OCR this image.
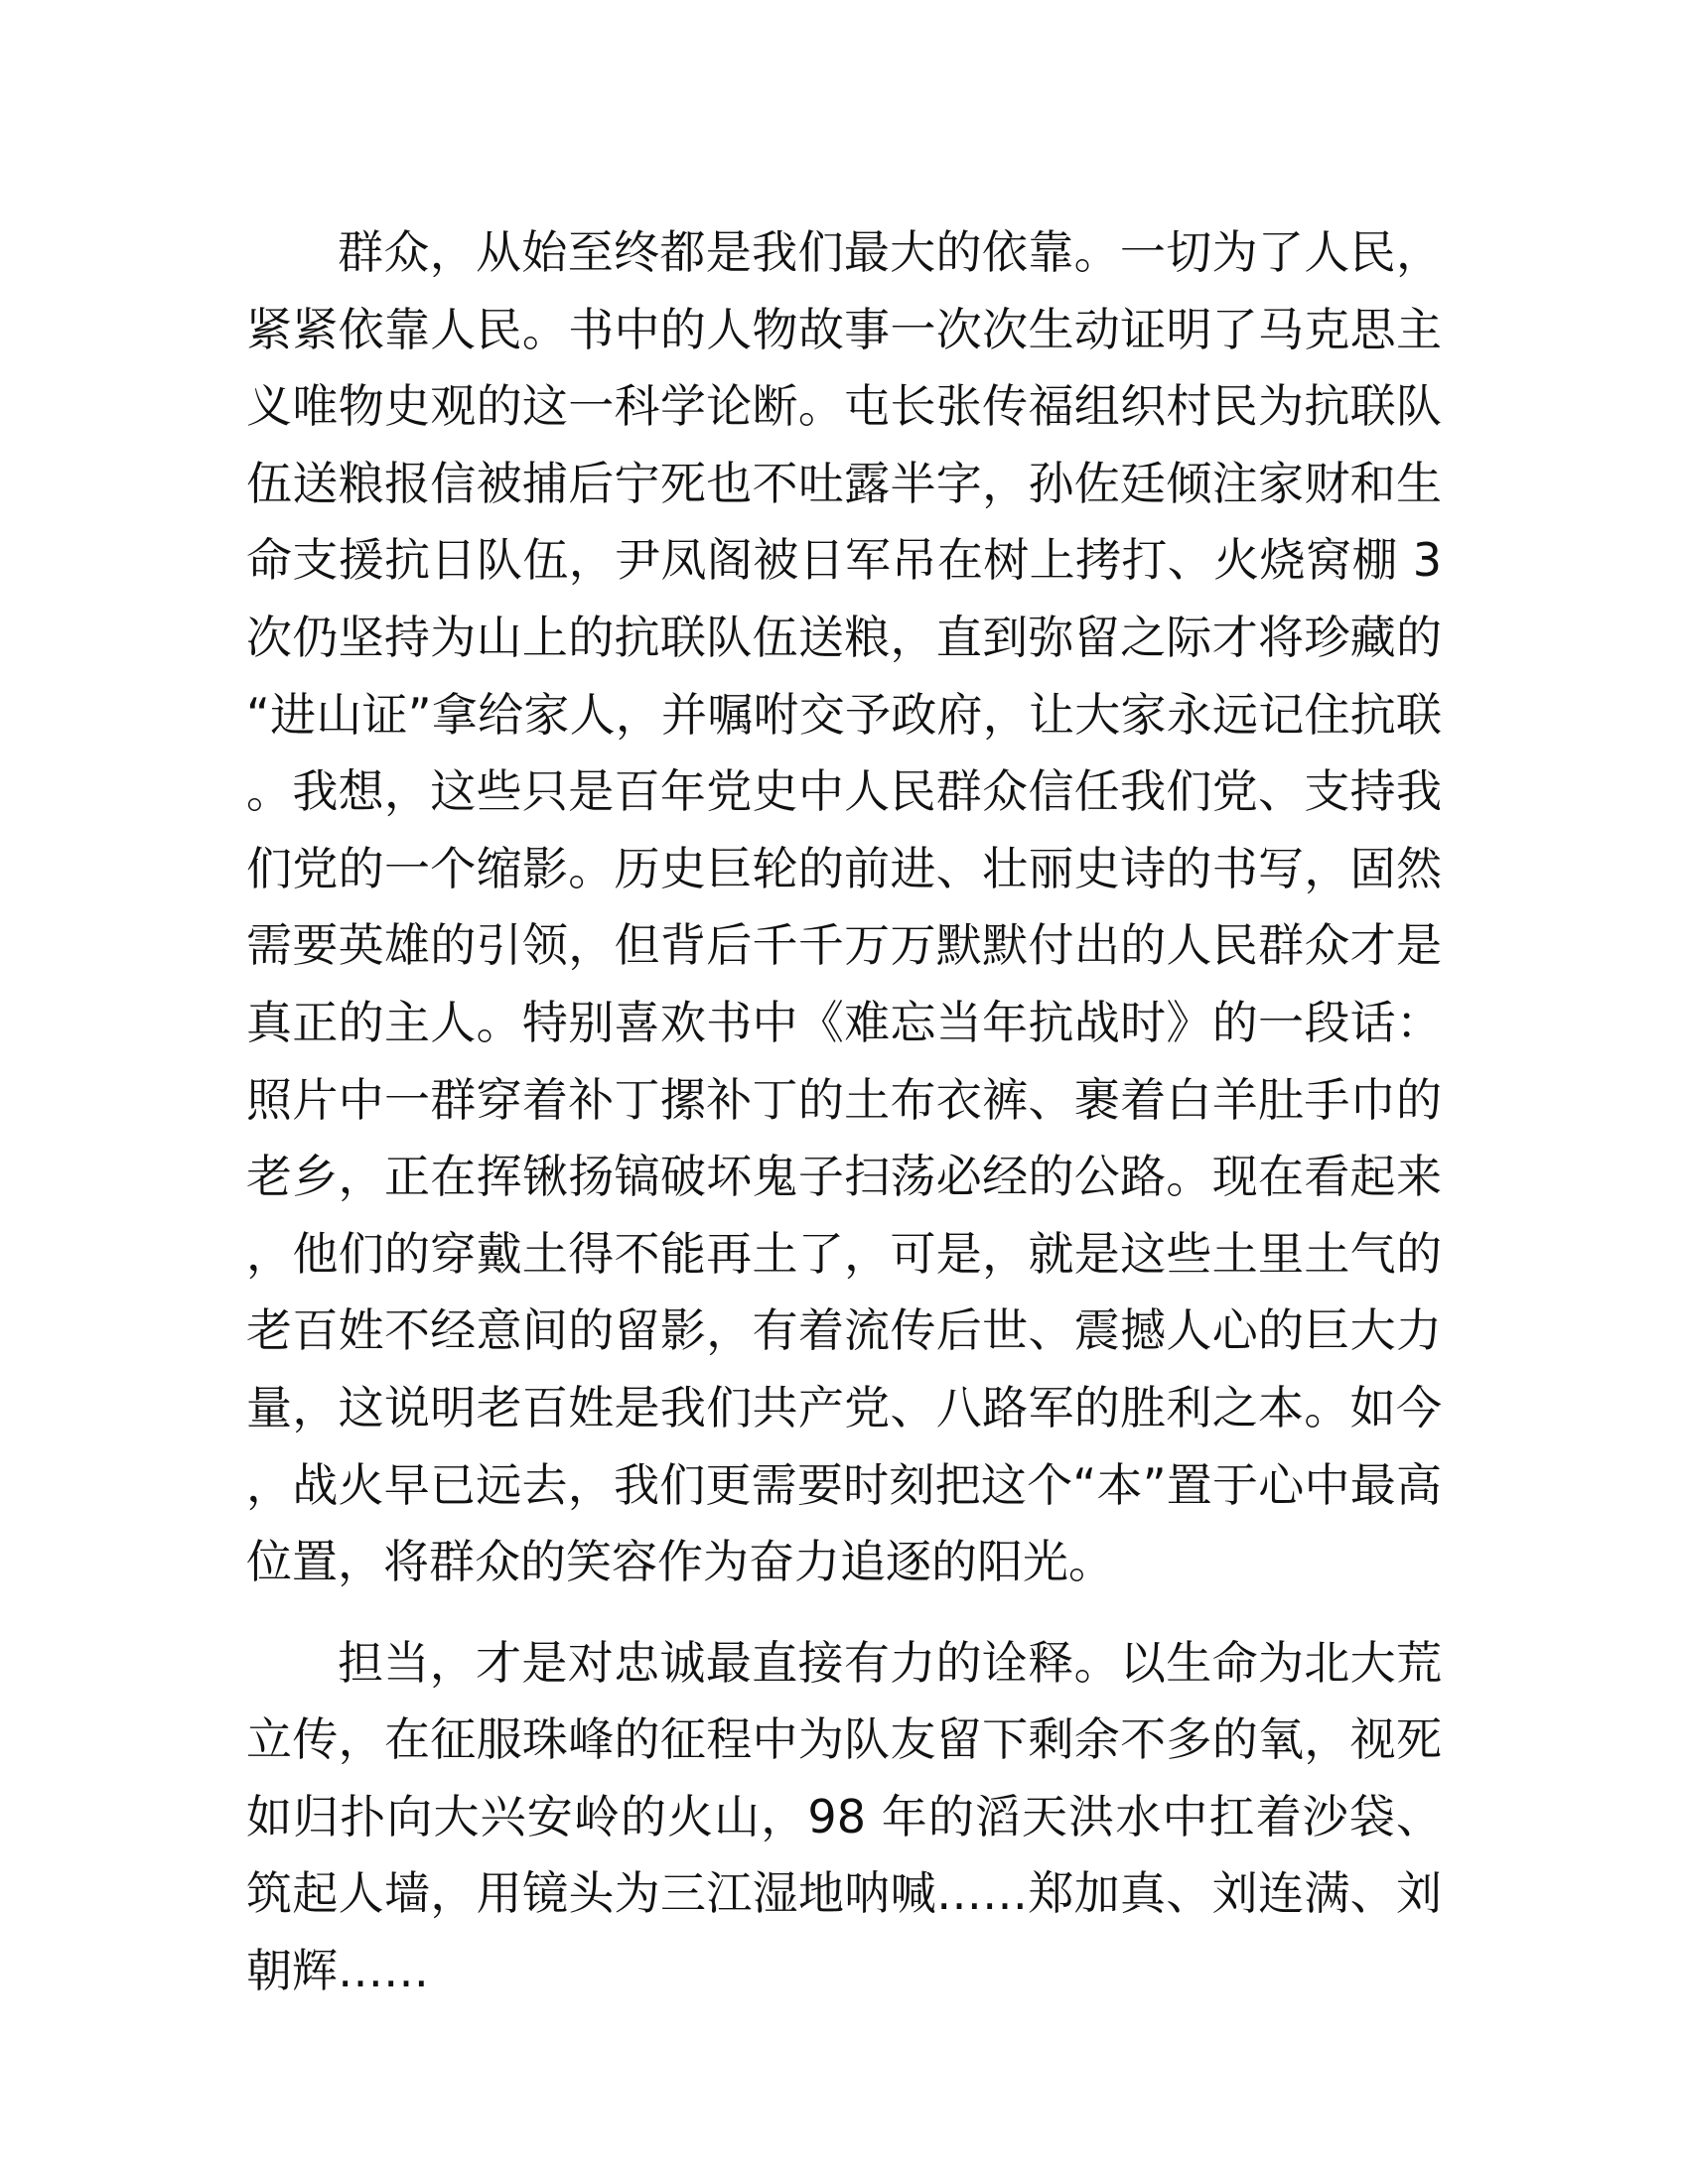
群众，从始至终都是我们最大的依靠。一切为了人民，紧紧依靠人民。书中的人物故事一次次生动证明了马克思主义唯物史观的这一科学论断。屯长张传福组织村民为抗联队伍送粮报信被捕后宁死也不吐露半字，孙佐廷倾注家财和生命支援抗日队伍，尹凤阁被日军吊在树上拷打、火烧窝棚 3 次仍坚持为山上的抗联队伍送粮，直到弥留之际才将珍藏的“进山证”拿给家人，并嘱咐交予政府，让大家永远记住抗联。我想，这些只是百年党史中人民群众信任我们党、支持我们党的一个缩影。历史巨轮的前进、壮丽史诗的书写，固然需要英雄的引领，但背后千千万万默默付出的人民群众才是真正的主人。特别喜欢书中《难忘当年抗战时》的一段话：照片中一群穿着补丁摞补丁的土布衣裤、裹着白羊肚手巾的老乡，正在挥锹扬镐破坏鬼子扫荡必经的公路。现在看起来，他们的穿戴土得不能再土了，可是，就是这些土里土气的老百姓不经意间的留影，有着流传后世、震撼人心的巨大力量，这说明老百姓是我们共产党、八路军的胜利之本。如今，战火早已远去，我们更需要时刻把这个“本”置于心中最高位置，将群众的笑容作为奋力追逐的阳光。

担当，才是对忠诚最直接有力的诠释。以生命为北大荒立传，在征服珠峰的征程中为队友留下剩余不多的氧，视死如归扑向大兴安岭的火山，98 年的滔天洪水中扛着沙袋、筑起人墙，用镜头为三江湿地呐喊……郑加真、刘连满、刘朝辉……
